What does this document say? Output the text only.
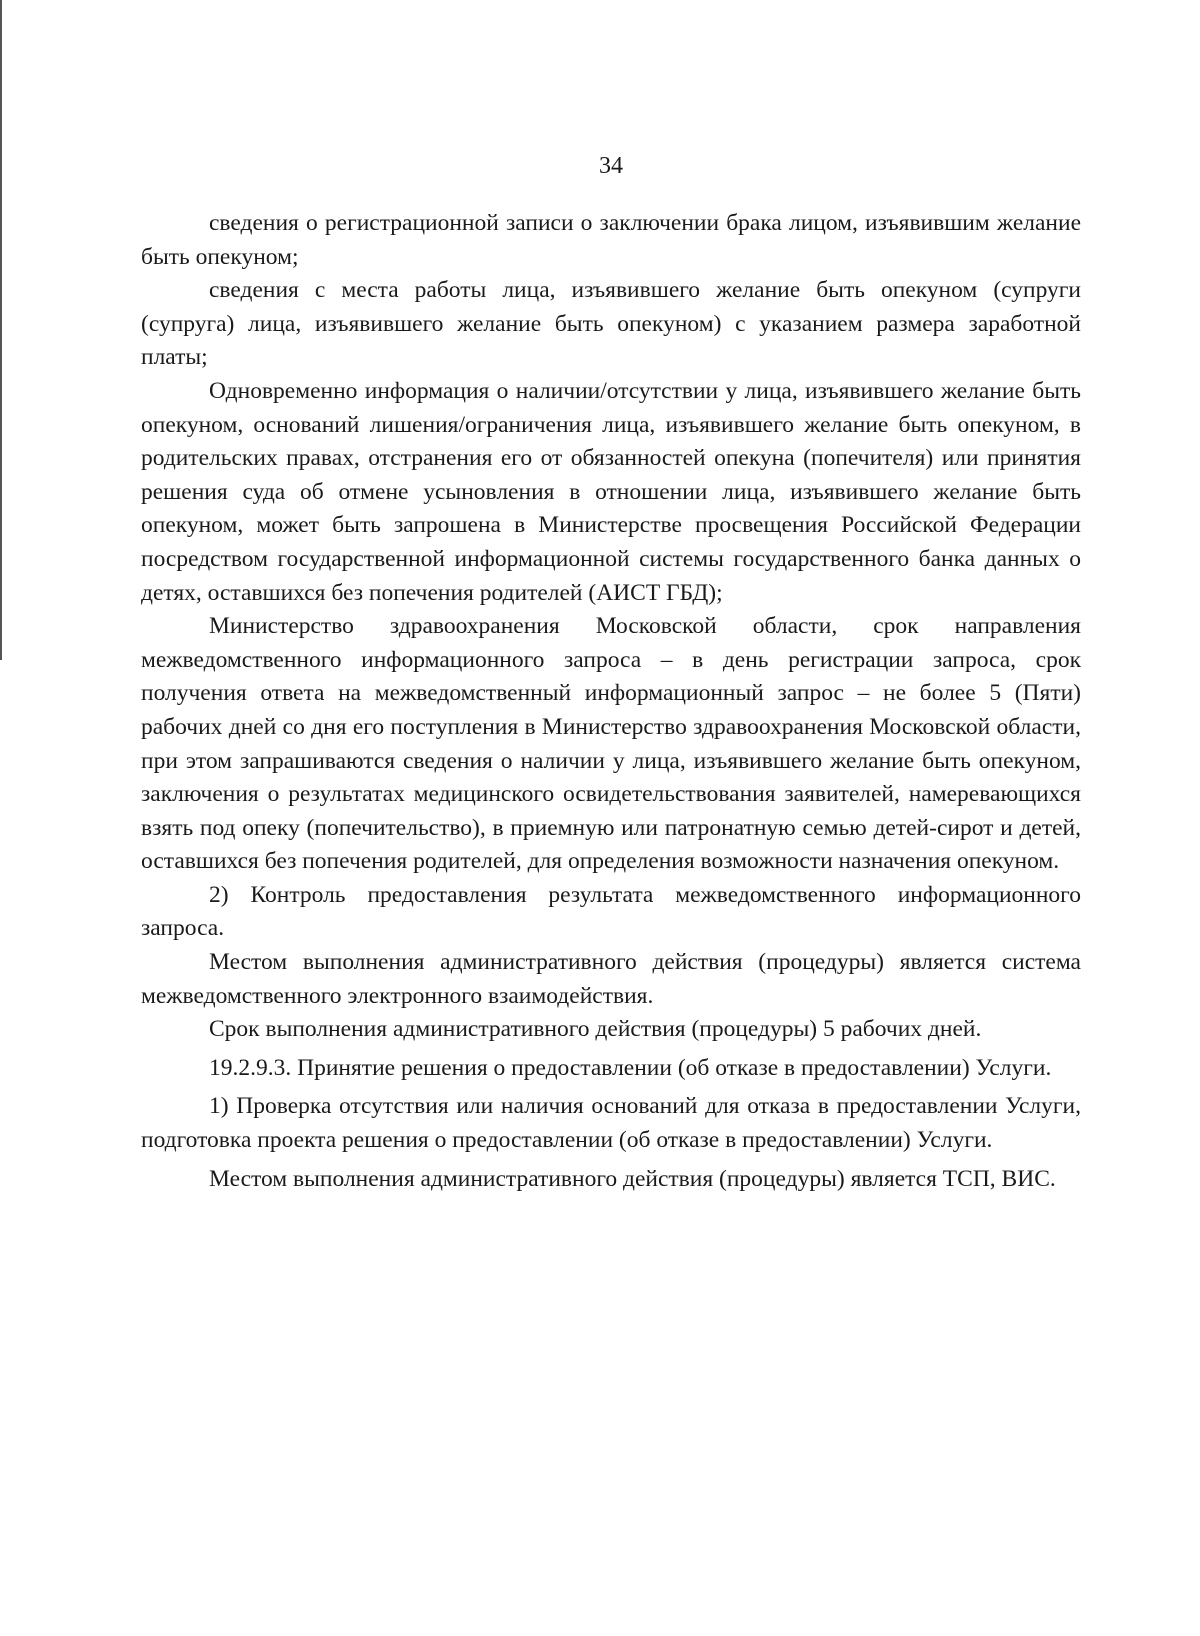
34

сведения о регистрационной записи о заключении брака лицом, изъявившим желание быть опекуном;

сведения с места работы лица, изъявившего желание быть опекуном (супруги (супруга) лица, изъявившего желание быть опекуном) с указанием размера заработной платы;

Одновременно информация о наличии/отсутствии у лица, изъявившего желание быть опекуном, оснований лишения/ограничения лица, изъявившего желание быть опекуном, в родительских правах, отстранения его от обязанностей опекуна (попечителя) или принятия решения суда об отмене усыновления в отношении лица, изъявившего желание быть опекуном, может быть запрошена в Министерстве просвещения Российской Федерации посредством государственной информационной системы государственного банка данных о детях, оставшихся без попечения родителей (АИСТ ГБД);

Министерство здравоохранения Московской области, срок направления межведомственного информационного запроса – в день регистрации запроса, срок получения ответа на межведомственный информационный запрос – не более 5 (Пяти) рабочих дней со дня его поступления в Министерство здравоохранения Московской области, при этом запрашиваются сведения о наличии у лица, изъявившего желание быть опекуном, заключения о результатах медицинского освидетельствования заявителей, намеревающихся взять под опеку (попечительство), в приемную или патронатную семью детей-сирот и детей, оставшихся без попечения родителей, для определения возможности назначения опекуном.

2) Контроль предоставления результата межведомственного информационного запроса.

Местом выполнения административного действия (процедуры) является система межведомственного электронного взаимодействия.

Срок выполнения административного действия (процедуры) 5 рабочих дней.

19.2.9.3. Принятие решения о предоставлении (об отказе в предоставлении) Услуги.

1) Проверка отсутствия или наличия оснований для отказа в предоставлении Услуги, подготовка проекта решения о предоставлении (об отказе в предоставлении) Услуги.

Местом выполнения административного действия (процедуры) является ТСП, ВИС.
